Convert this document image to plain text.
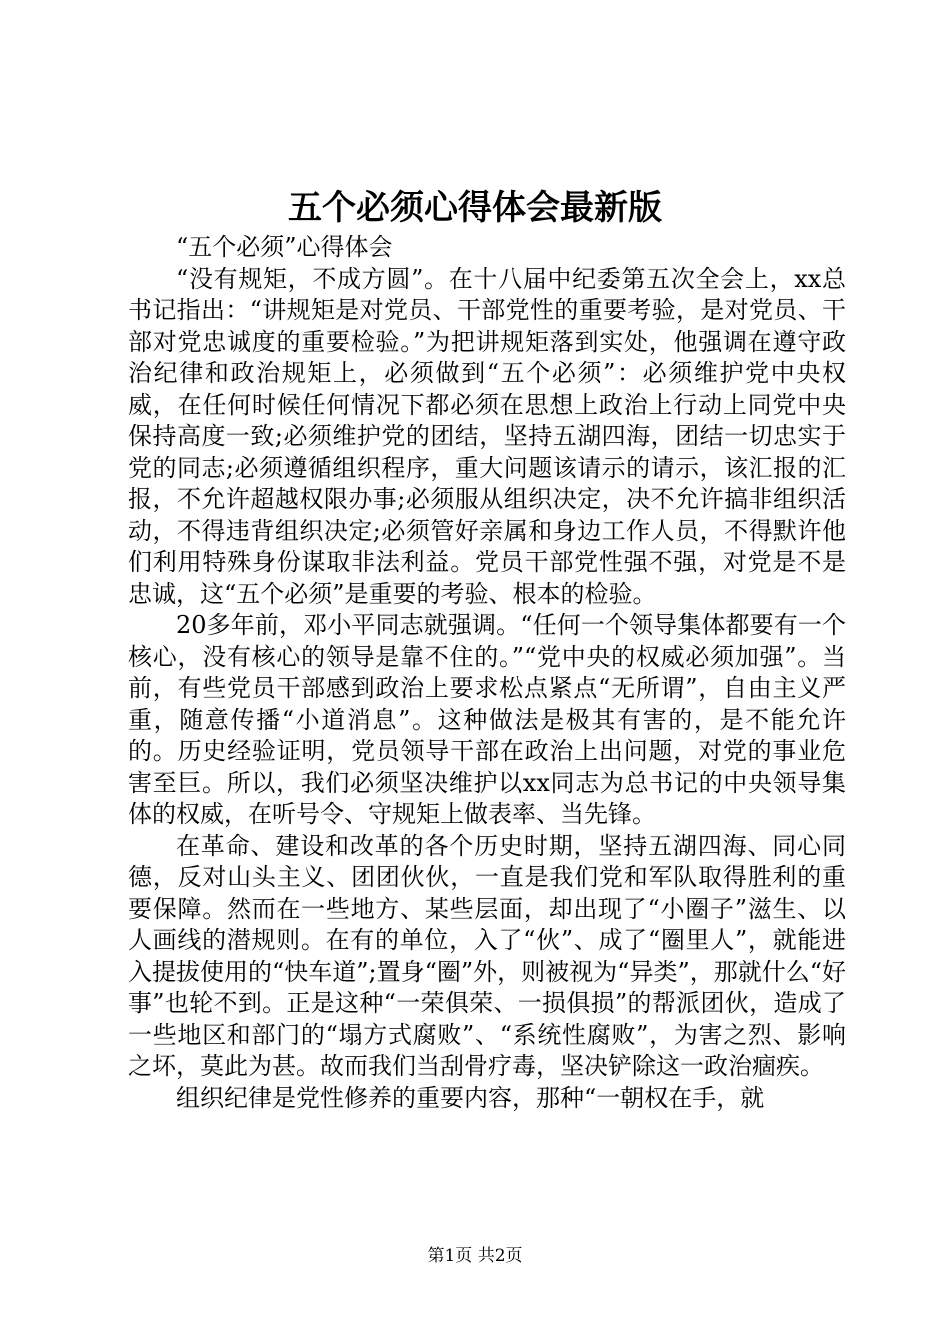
五个必须心得体会最新版

“五个必须”心得体会

“没有规矩，不成方圆”。在十八届中纪委第五次全会上，xx总书记指出：“讲规矩是对党员、干部党性的重要考验，是对党员、干部对党忠诚度的重要检验。”为把讲规矩落到实处，他强调在遵守政治纪律和政治规矩上，必须做到“五个必须”：必须维护党中央权威，在任何时候任何情况下都必须在思想上政治上行动上同党中央保持高度一致;必须维护党的团结，坚持五湖四海，团结一切忠实于党的同志;必须遵循组织程序，重大问题该请示的请示，该汇报的汇报，不允许超越权限办事;必须服从组织决定，决不允许搞非组织活动，不得违背组织决定;必须管好亲属和身边工作人员，不得默许他们利用特殊身份谋取非法利益。党员干部党性强不强，对党是不是忠诚，这“五个必须”是重要的考验、根本的检验。

20多年前，邓小平同志就强调。“任何一个领导集体都要有一个核心，没有核心的领导是靠不住的。”“党中央的权威必须加强”。当前，有些党员干部感到政治上要求松点紧点“无所谓”，自由主义严重，随意传播“小道消息”。这种做法是极其有害的，是不能允许的。历史经验证明，党员领导干部在政治上出问题，对党的事业危害至巨。所以，我们必须坚决维护以xx同志为总书记的中央领导集体的权威，在听号令、守规矩上做表率、当先锋。

在革命、建设和改革的各个历史时期，坚持五湖四海、同心同德，反对山头主义、团团伙伙，一直是我们党和军队取得胜利的重要保障。然而在一些地方、某些层面，却出现了“小圈子”滋生、以人画线的潜规则。在有的单位，入了“伙”、成了“圈里人”，就能进入提拔使用的“快车道”;置身“圈”外，则被视为“异类”，那就什么“好事”也轮不到。正是这种“一荣俱荣、一损俱损”的帮派团伙，造成了一些地区和部门的“塌方式腐败”、“系统性腐败”，为害之烈、影响之坏，莫此为甚。故而我们当刮骨疗毒，坚决铲除这一政治痼疾。

组织纪律是党性修养的重要内容，那种“一朝权在手，就

第1页 共2页
